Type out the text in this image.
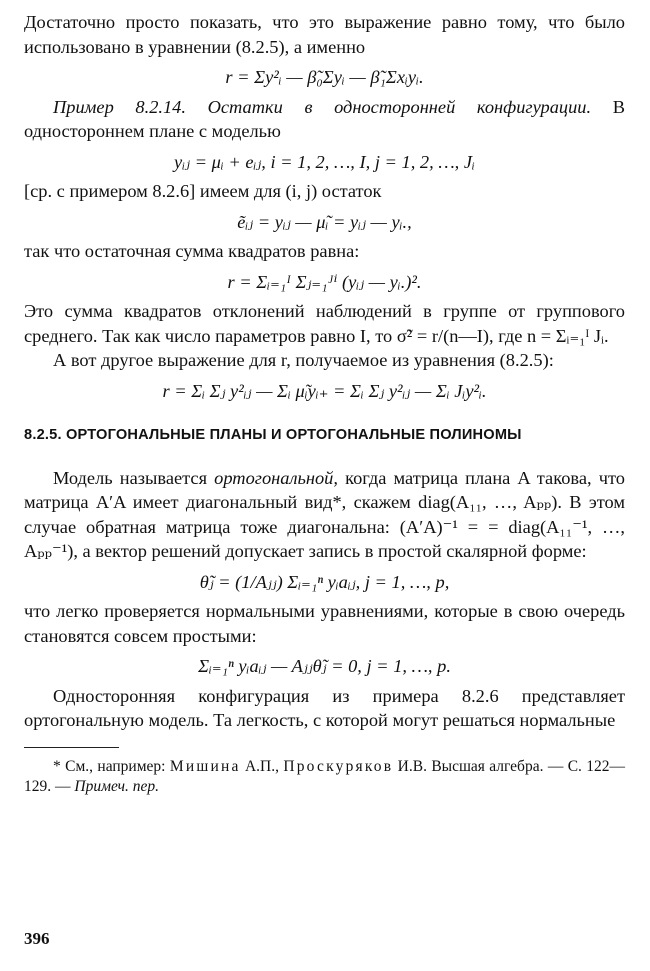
Достаточно просто показать, что это выражение равно тому, что было использовано в уравнении (8.2.5), а именно

r = Σy²ᵢ — β̃₀Σyᵢ — β̃₁Σxᵢyᵢ.

Пример 8.2.14. Остатки в односторонней конфигурации. В одностороннем плане с моделью

yᵢⱼ = μᵢ + eᵢⱼ, i = 1, 2, …, I, j = 1, 2, …, Jᵢ

[ср. с примером 8.2.6] имеем для (i, j) остаток

ẽᵢⱼ = yᵢⱼ — μ̃ᵢ = yᵢⱼ — yᵢ.,

так что остаточная сумма квадратов равна:

r = Σᵢ₌₁ᴵ Σⱼ₌₁ᴶⁱ (yᵢⱼ — yᵢ.)².

Это сумма квадратов отклонений наблюдений в группе от группового среднего. Так как число параметров равно I, то σ̃² = r/(n—I), где n = Σᵢ₌₁ᴵ Jᵢ.

А вот другое выражение для r, получаемое из уравнения (8.2.5):

r = Σᵢ Σⱼ y²ᵢⱼ — Σᵢ μ̃ᵢyᵢ₊ = Σᵢ Σⱼ y²ᵢⱼ — Σᵢ Jᵢy²ᵢ.

8.2.5. ОРТОГОНАЛЬНЫЕ ПЛАНЫ И ОРТОГОНАЛЬНЫЕ ПОЛИНОМЫ

Модель называется ортогональной, когда матрица плана A такова, что матрица A′A имеет диагональный вид*, скажем diag(A₁₁, …, Aₚₚ). В этом случае обратная матрица тоже диагональна: (A′A)⁻¹ = = diag(A₁₁⁻¹, …, Aₚₚ⁻¹), а вектор решений допускает запись в простой скалярной форме:

θ̃ⱼ = (1/Aⱼⱼ) Σᵢ₌₁ⁿ yᵢaᵢⱼ, j = 1, …, p,

что легко проверяется нормальными уравнениями, которые в свою очередь становятся совсем простыми:

Σᵢ₌₁ⁿ yᵢaᵢⱼ — Aⱼⱼθ̃ⱼ = 0, j = 1, …, p.

Односторонняя конфигурация из примера 8.2.6 представляет ортогональную модель. Та легкость, с которой могут решаться нормальные

* См., например: Мишина А.П., Проскуряков И.В. Высшая алгебра. — С. 122—129. — Примеч. пер.

396
